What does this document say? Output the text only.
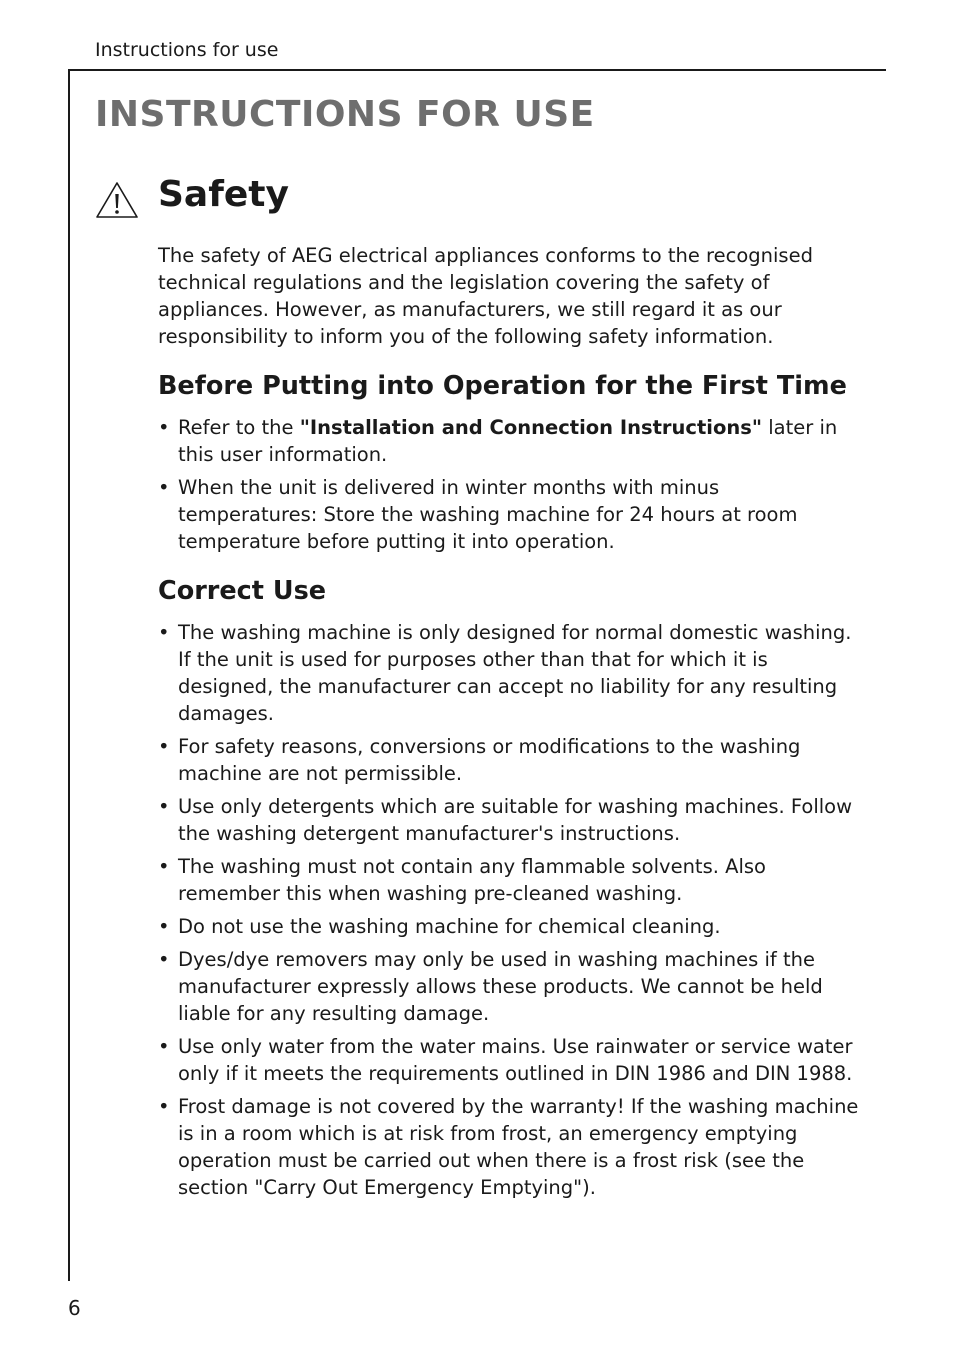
Instructions for use
INSTRUCTIONS FOR USE
Safety

The safety of AEG electrical appliances conforms to the recognised technical regulations and the legislation covering the safety of appliances. However, as manufacturers, we still regard it as our responsibility to inform you of the following safety information.

Before Putting into Operation for the First Time
• Refer to the "Installation and Connection Instructions" later in this user information.
• When the unit is delivered in winter months with minus temperatures: Store the washing machine for 24 hours at room temperature before putting it into operation.
Correct Use
• The washing machine is only designed for normal domestic washing. If the unit is used for purposes other than that for which it is designed, the manufacturer can accept no liability for any resulting damages.
• For safety reasons, conversions or modifications to the washing machine are not permissible.
• Use only detergents which are suitable for washing machines. Follow the washing detergent manufacturer's instructions.
• The washing must not contain any flammable solvents. Also remember this when washing pre-cleaned washing.
• Do not use the washing machine for chemical cleaning.
• Dyes/dye removers may only be used in washing machines if the manufacturer expressly allows these products. We cannot be held liable for any resulting damage.
• Use only water from the water mains. Use rainwater or service water only if it meets the requirements outlined in DIN 1986 and DIN 1988.
• Frost damage is not covered by the warranty! If the washing machine is in a room which is at risk from frost, an emergency emptying operation must be carried out when there is a frost risk (see the section "Carry Out Emergency Emptying").
6
